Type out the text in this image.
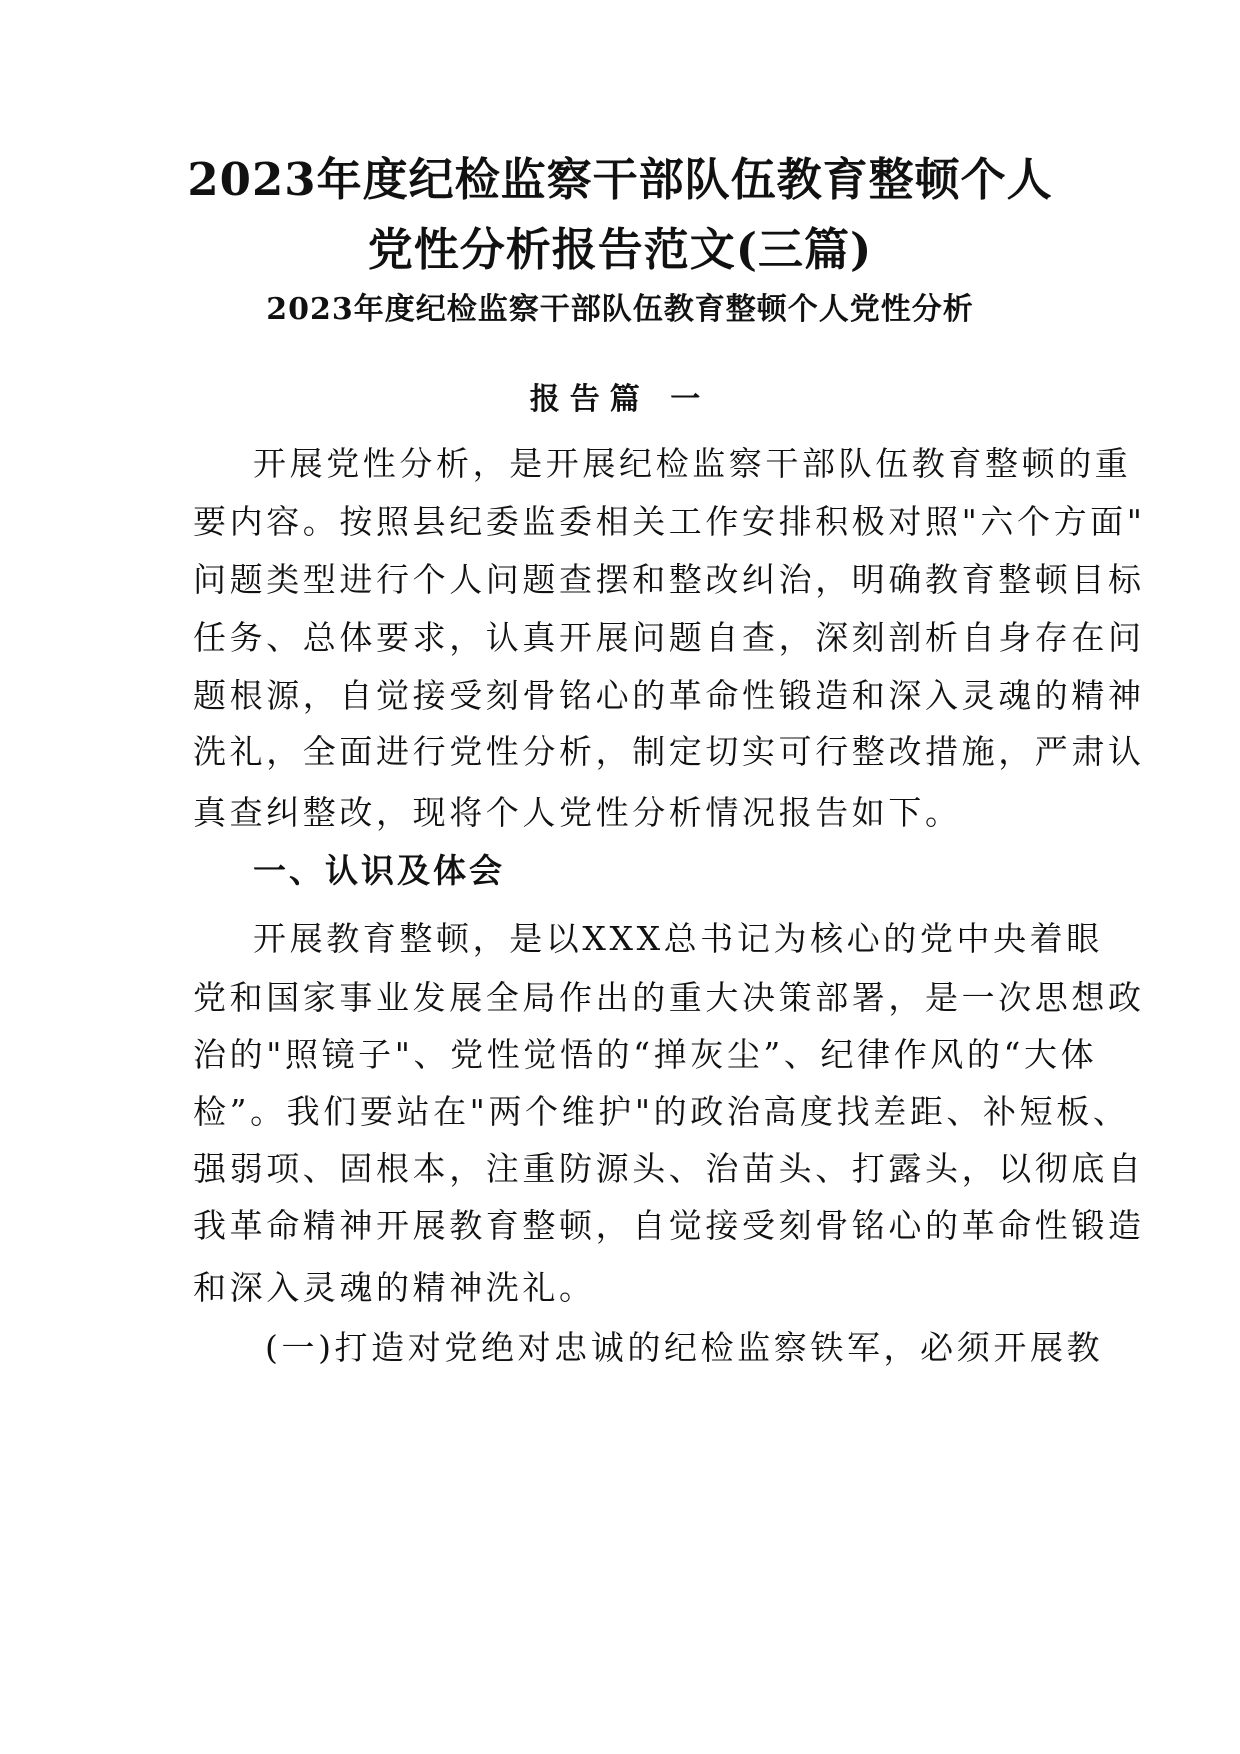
2023年度纪检监察干部队伍教育整顿个人
党性分析报告范文(三篇)
2023年度纪检监察干部队伍教育整顿个人党性分析
报告篇 一
开展党性分析，是开展纪检监察干部队伍教育整顿的重
要内容。按照县纪委监委相关工作安排积极对照"六个方面"
问题类型进行个人问题查摆和整改纠治，明确教育整顿目标
任务、总体要求，认真开展问题自查，深刻剖析自身存在问
题根源，自觉接受刻骨铭心的革命性锻造和深入灵魂的精神
洗礼，全面进行党性分析，制定切实可行整改措施，严肃认
真查纠整改，现将个人党性分析情况报告如下。
一、认识及体会
开展教育整顿，是以XXX总书记为核心的党中央着眼
党和国家事业发展全局作出的重大决策部署，是一次思想政
治的"照镜子"、党性觉悟的“掸灰尘”、纪律作风的“大体
检”。我们要站在"两个维护"的政治高度找差距、补短板、
强弱项、固根本，注重防源头、治苗头、打露头，以彻底自
我革命精神开展教育整顿，自觉接受刻骨铭心的革命性锻造
和深入灵魂的精神洗礼。
(一)打造对党绝对忠诚的纪检监察铁军，必须开展教
